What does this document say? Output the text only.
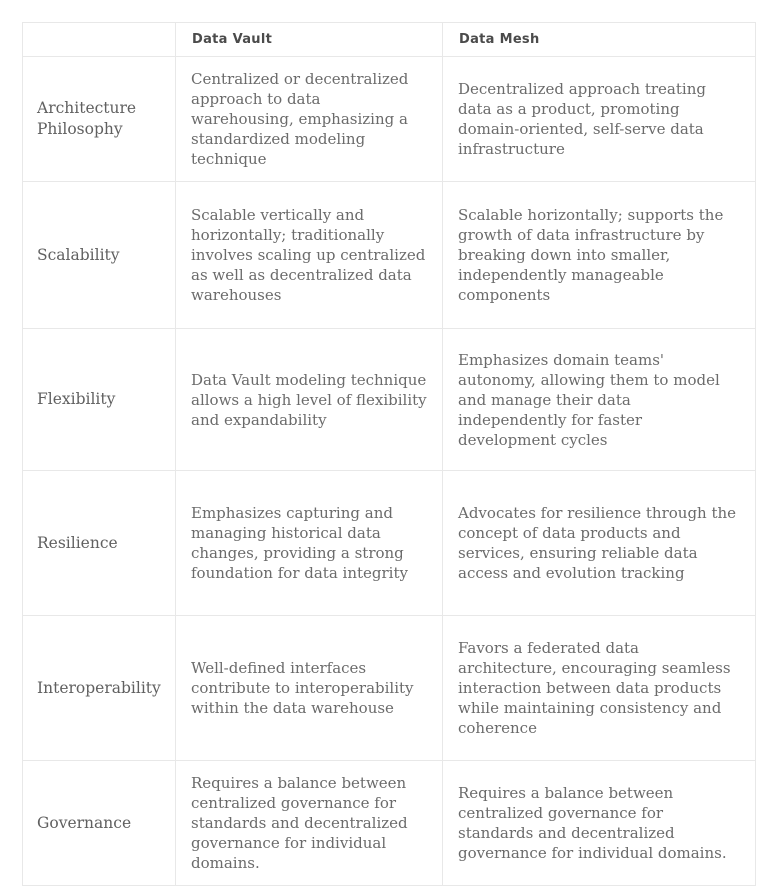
	Data Vault	Data Mesh
Architecture Philosophy	Centralized or decentralized approach to data warehousing, emphasizing a standardized modeling technique	Decentralized approach treating data as a product, promoting domain-oriented, self-serve data infrastructure
Scalability	Scalable vertically and horizontally; traditionally involves scaling up centralized as well as decentralized data warehouses	Scalable horizontally; supports the growth of data infrastructure by breaking down into smaller, independently manageable components
Flexibility	Data Vault modeling technique allows a high level of flexibility and expandability	Emphasizes domain teams' autonomy, allowing them to model and manage their data independently for faster development cycles
Resilience	Emphasizes capturing and managing historical data changes, providing a strong foundation for data integrity	Advocates for resilience through the concept of data products and services, ensuring reliable data access and evolution tracking
Interoperability	Well-defined interfaces contribute to interoperability within the data warehouse	Favors a federated data architecture, encouraging seamless interaction between data products while maintaining consistency and coherence
Governance	Requires a balance between centralized governance for standards and decentralized governance for individual domains.	Requires a balance between centralized governance for standards and decentralized governance for individual domains.
